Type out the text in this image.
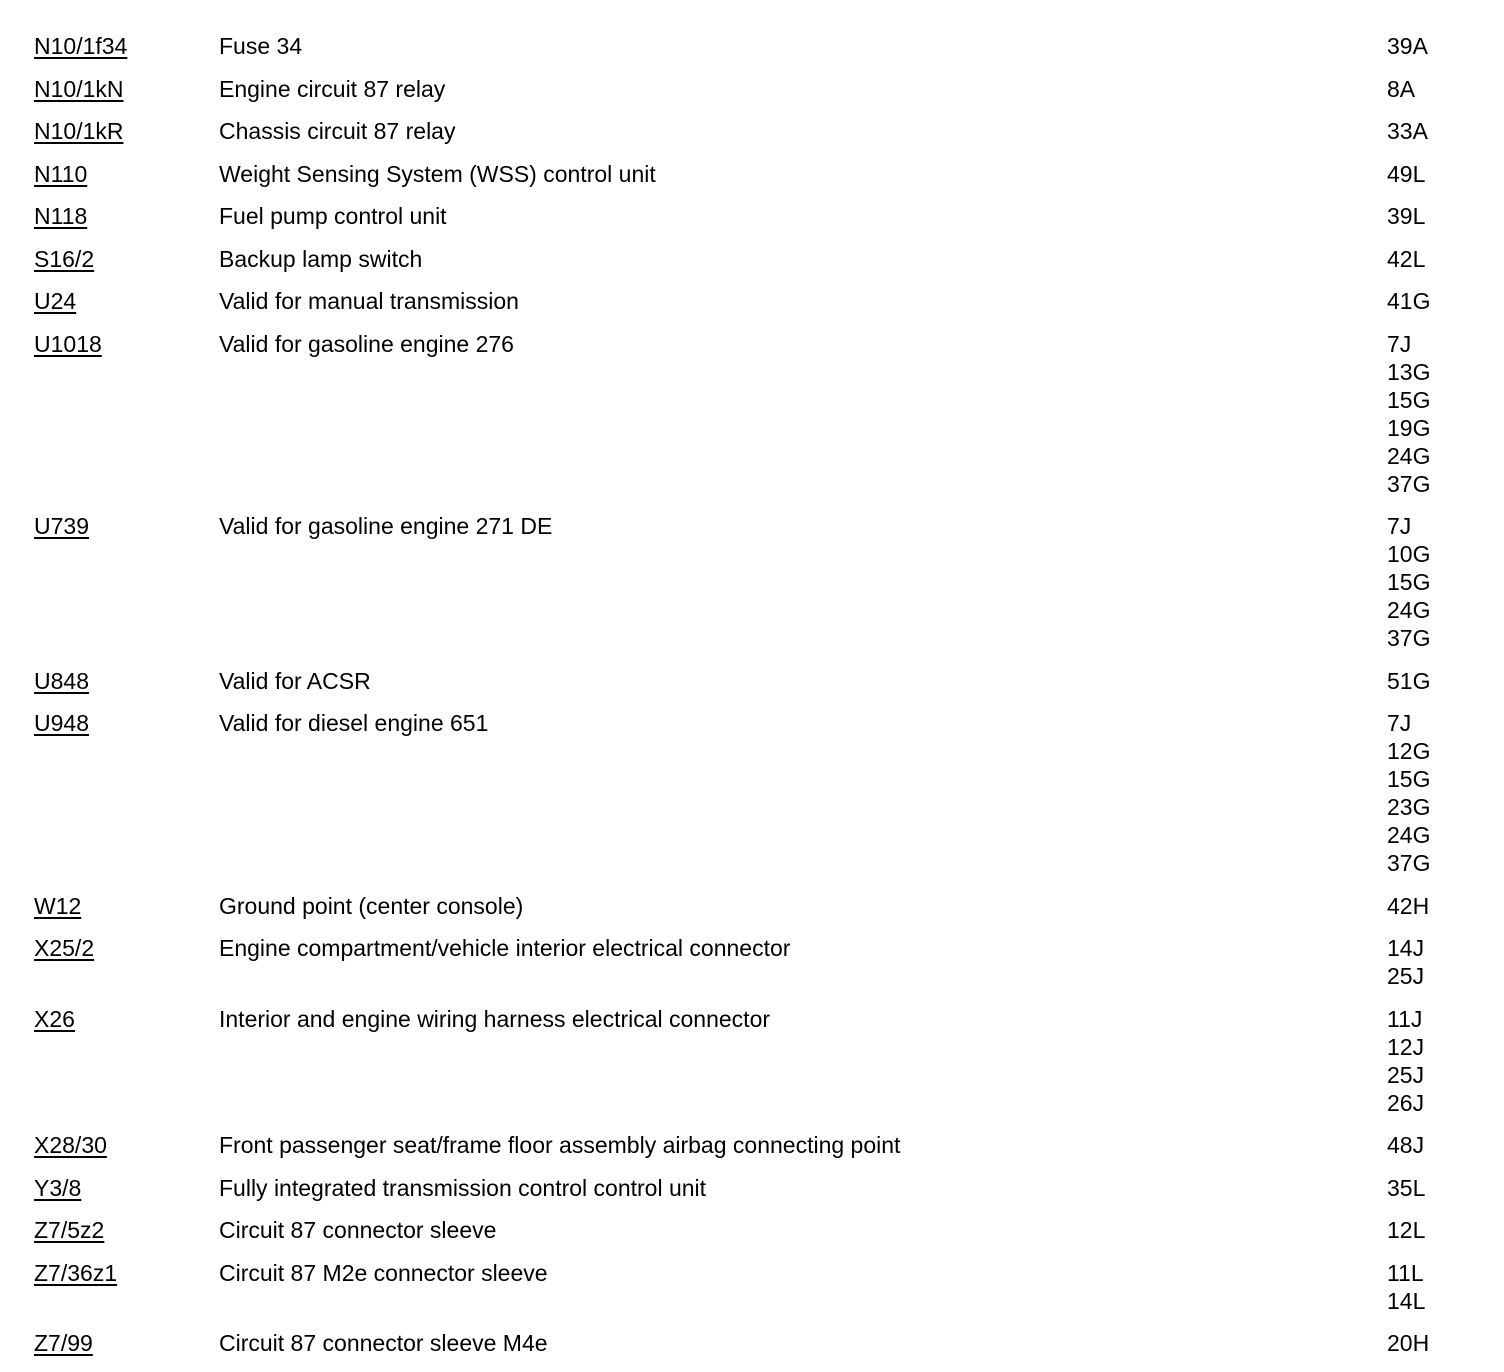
N10/1f34	Fuse 34	39A
N10/1kN	Engine circuit 87 relay	8A
N10/1kR	Chassis circuit 87 relay	33A
N110	Weight Sensing System (WSS) control unit	49L
N118	Fuel pump control unit	39L
S16/2	Backup lamp switch	42L
U24	Valid for manual transmission	41G
U1018	Valid for gasoline engine 276	7J
13G
15G
19G
24G
37G
U739	Valid for gasoline engine 271 DE	7J
10G
15G
24G
37G
U848	Valid for ACSR	51G
U948	Valid for diesel engine 651	7J
12G
15G
23G
24G
37G
W12	Ground point (center console)	42H
X25/2	Engine compartment/vehicle interior electrical connector	14J
25J
X26	Interior and engine wiring harness electrical connector	11J
12J
25J
26J
X28/30	Front passenger seat/frame floor assembly airbag connecting point	48J
Y3/8	Fully integrated transmission control control unit	35L
Z7/5z2	Circuit 87 connector sleeve	12L
Z7/36z1	Circuit 87 M2e connector sleeve	11L
14L
Z7/99	Circuit 87 connector sleeve M4e	20H
